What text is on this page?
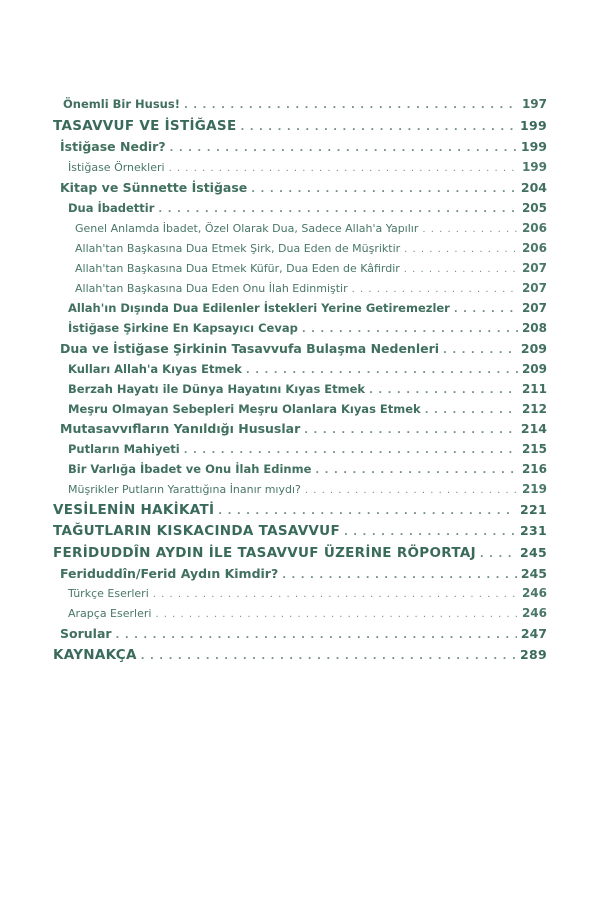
Önemli Bir Husus! . . .	197
TASAVVUF VE İSTİĞASE . . .	199
İstiğase Nedir? . . .	199
İstiğase Örnekleri . . .	199
Kitap ve Sünnette İstiğase . . .	204
Dua İbadettir . . .	205
Genel Anlamda İbadet, Özel Olarak Dua, Sadece Allah'a Yapılır . . .	206
Allah'tan Başkasına Dua Etmek Şirk, Dua Eden de Müşriktir . . .	206
Allah'tan Başkasına Dua Etmek Küfür, Dua Eden de Kâfirdir . . .	207
Allah'tan Başkasına Dua Eden Onu İlah Edinmiştir . . .	207
Allah'ın Dışında Dua Edilenler İstekleri Yerine Getiremezler . . .	207
İstiğase Şirkine En Kapsayıcı Cevap . . .	208
Dua ve İstiğase Şirkinin Tasavvufa Bulaşma Nedenleri . . .	209
Kulları Allah'a Kıyas Etmek . . .	209
Berzah Hayatı ile Dünya Hayatını Kıyas Etmek . . .	211
Meşru Olmayan Sebepleri Meşru Olanlara Kıyas Etmek . . .	212
Mutasavvıfların Yanıldığı Hususlar . . .	214
Putların Mahiyeti . . .	215
Bir Varlığa İbadet ve Onu İlah Edinme . . .	216
Müşrikler Putların Yarattığına İnanır mıydı? . . .	219
VESİLENİN HAKİKATİ . . .	221
TAĞUTLARIN KISKACINDA TASAVVUF . . .	231
FERİDUDDÎN AYDIN İLE TASAVVUF ÜZERİNE RÖPORTAJ . . .	245
Feriduddîn/Ferid Aydın Kimdir? . . .	245
Türkçe Eserleri . . .	246
Arapça Eserleri . . .	246
Sorular . . .	247
KAYNAKÇA . . .	289
